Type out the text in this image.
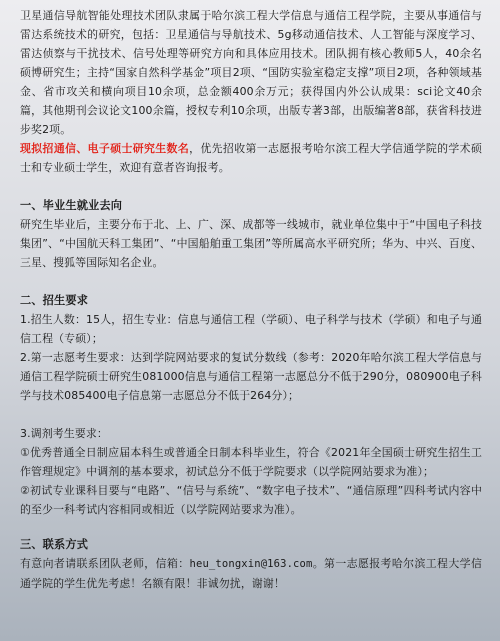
卫星通信导航智能处理技术团队隶属于哈尔滨工程大学信息与通信工程学院，主要从事通信与雷达系统技术的研究，包括：卫星通信与导航技术、5g移动通信技术、人工智能与深度学习、雷达侦察与干扰技术、信号处理等研究方向和具体应用技术。团队拥有核心教师5人，40余名硕博研究生；主持“国家自然科学基金”项目2项、“国防实验室稳定支撑”项目2项，各种领域基金、省市攻关和横向项目10余项，总金额400余万元；获得国内外公认成果：sci论文40余篇，其他期刊会议论文100余篇，授权专利10余项，出版专著3部，出版编著8部，获省科技进步奖2项。

现拟招通信、电子硕士研究生数名，优先招收第一志愿报考哈尔滨工程大学信通学院的学术硕士和专业硕士学生，欢迎有意者咨询报考。

一、毕业生就业去向

研究生毕业后，主要分布于北、上、广、深、成都等一线城市，就业单位集中于“中国电子科技集团”、“中国航天科工集团”、“中国船舶重工集团”等所属高水平研究所；华为、中兴、百度、三星、搜狐等国际知名企业。

二、招生要求

1.招生人数：15人，招生专业：信息与通信工程（学硕）、电子科学与技术（学硕）和电子与通信工程（专硕）；

2.第一志愿考生要求：达到学院网站要求的复试分数线（参考：2020年哈尔滨工程大学信息与通信工程学院硕士研究生081000信息与通信工程第一志愿总分不低于290分，080900电子科学与技术085400电子信息第一志愿总分不低于264分）；

3.调剂考生要求：

①优秀普通全日制应届本科生或普通全日制本科毕业生，符合《2021年全国硕士研究生招生工作管理规定》中调剂的基本要求，初试总分不低于学院要求（以学院网站要求为准）；

②初试专业课科目要与“电路”、“信号与系统”、“数字电子技术”、“通信原理”四科考试内容中的至少一科考试内容相同或相近（以学院网站要求为准）。

三、联系方式

有意向者请联系团队老师，信箱：heu_tongxin@163.com。第一志愿报考哈尔滨工程大学信通学院的学生优先考虑！名额有限！非诚勿扰，谢谢！
